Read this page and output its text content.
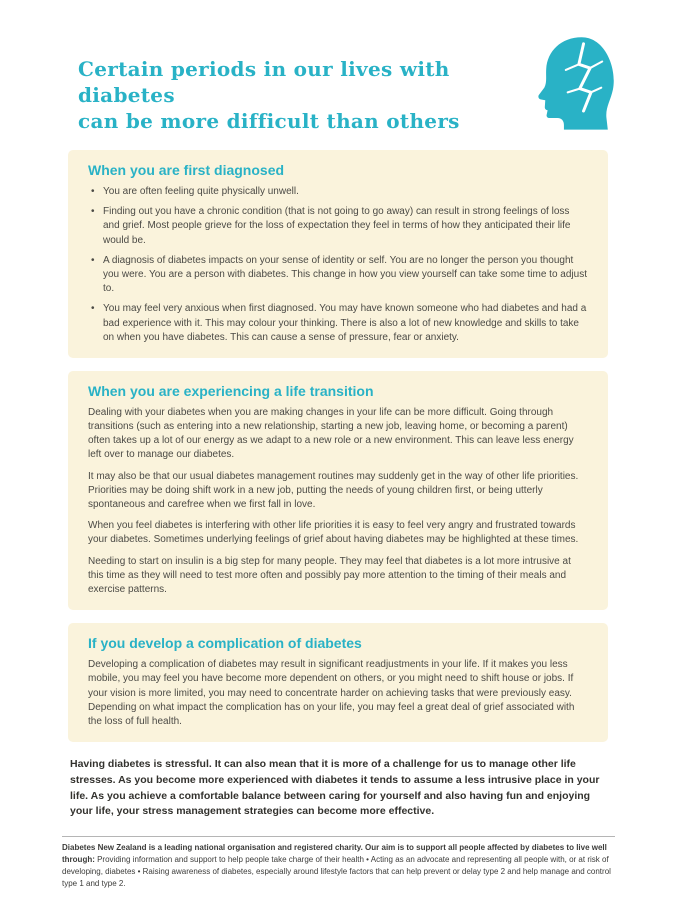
Certain periods in our lives with diabetes
can be more difficult than others
When you are first diagnosed
• You are often feeling quite physically unwell.
• Finding out you have a chronic condition (that is not going to go away) can result in strong feelings of loss and grief. Most people grieve for the loss of expectation they feel in terms of how they anticipated their life would be.
• A diagnosis of diabetes impacts on your sense of identity or self. You are no longer the person you thought you were. You are a person with diabetes. This change in how you view yourself can take some time to adjust to.
• You may feel very anxious when first diagnosed. You may have known someone who had diabetes and had a bad experience with it. This may colour your thinking. There is also a lot of new knowledge and skills to take on when you have diabetes. This can cause a sense of pressure, fear or anxiety.
When you are experiencing a life transition

Dealing with your diabetes when you are making changes in your life can be more difficult. Going through transitions (such as entering into a new relationship, starting a new job, leaving home, or becoming a parent) often takes up a lot of our energy as we adapt to a new role or a new environment. This can leave less energy left over to manage our diabetes.

It may also be that our usual diabetes management routines may suddenly get in the way of other life priorities. Priorities may be doing shift work in a new job, putting the needs of young children first, or being utterly spontaneous and carefree when we first fall in love.

When you feel diabetes is interfering with other life priorities it is easy to feel very angry and frustrated towards your diabetes. Sometimes underlying feelings of grief about having diabetes may be highlighted at these times.

Needing to start on insulin is a big step for many people. They may feel that diabetes is a lot more intrusive at this time as they will need to test more often and possibly pay more attention to the timing of their meals and exercise patterns.

If you develop a complication of diabetes

Developing a complication of diabetes may result in significant readjustments in your life. If it makes you less mobile, you may feel you have become more dependent on others, or you might need to shift house or jobs. If your vision is more limited, you may need to concentrate harder on achieving tasks that were previously easy. Depending on what impact the complication has on your life, you may feel a great deal of grief associated with the loss of full health.

Having diabetes is stressful. It can also mean that it is more of a challenge for us to manage other life stresses. As you become more experienced with diabetes it tends to assume a less intrusive place in your life. As you achieve a comfortable balance between caring for yourself and also having fun and enjoying your life, your stress management strategies can become more effective.

Diabetes New Zealand is a leading national organisation and registered charity. Our aim is to support all people affected by diabetes to live well through: Providing information and support to help people take charge of their health • Acting as an advocate and representing all people with, or at risk of developing, diabetes • Raising awareness of diabetes, especially around lifestyle factors that can help prevent or delay type 2 and help manage and control type 1 and type 2.
